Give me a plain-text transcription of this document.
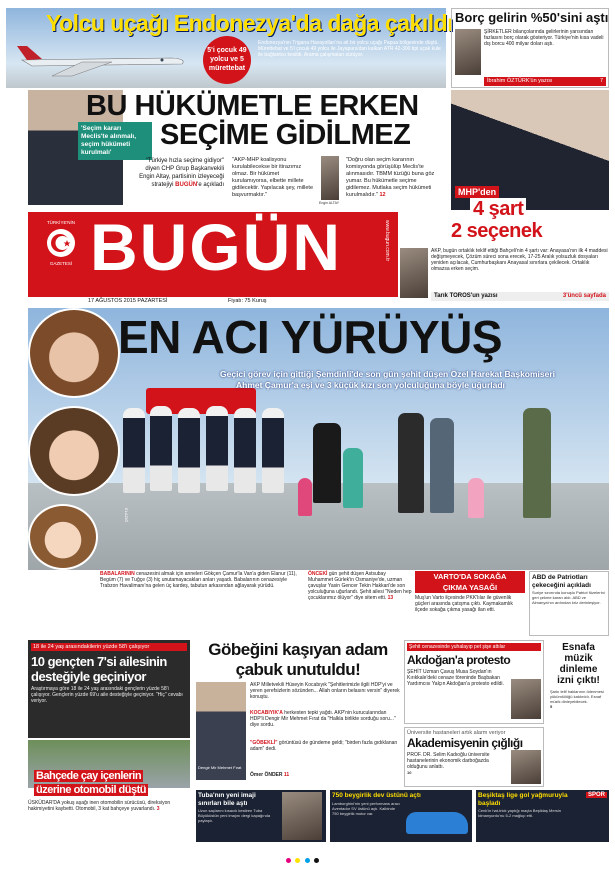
Yolcu uçağı Endonezya'da dağa çakıldı
5'i çocuk 49 yolcu ve 5 mürettebat
Endonezya'nın Trigana Havayolları'na ait bir yolcu uçağı Papua bölgesinde düştü. Mürettebat ve 5'i çocuk 49 yolcu ile Jayapura'dan kalkan ATR 42-300 tipi uçak kule ile bağlantısı kesildi. Arama çalışmaları sürüyor.
Borç gelirin %50'sini aştı
ŞİRKETLER bilançolarında gelirlerinin yarısından fazlasını borç olarak gösteriyor. Türkiye'nin kısa vadeli dış borcu 400 milyar doları aştı.
İbrahim ÖZTÜRK'ün yazısı	7
'Seçim kararı Meclis'te alınmalı, seçim hükümeti kurulmalı'
BU HÜKÜMETLE ERKEN
SEÇİME GİDİLMEZ
"Türkiye hızla seçime gidiyor" diyen CHP Grup Başkanvekili Engin Altay, partisinin izleyeceği stratejiyi BUGÜN'e açıkladı
"AKP-MHP koalisyonu kurulabilecekse bir itirazımız olmaz. Bir hükümet kurulamıyorsa, elbette millete gidilecektir. Yapılacak şey, millete başvurmaktır."
Engin ALTAY
"Doğru olan seçim kararının komisyonda görüşülüp Meclis'te alınmasıdır. TBMM tüzüğü buna göz yumar. Bu hükümetle seçime gidilemez. Mutlaka seçim hükümeti kurulmalıdır." 12	MHP'den
4 şart
2 seçenek
AKP, bugün ortaklık teklif ettiği Bahçeli'nin 4 şartı var: Anayasa'nın ilk 4 maddesi değişmeyecek, Çözüm süreci sona erecek, 17-25 Aralık yolsuzluk dosyaları yeniden açılacak, Cumhurbaşkanı Anayasal sınırlara çekilecek. Ortaklık olmazsa erken seçim.
Tarık TOROS'un yazısı	3'üncü sayfada
TÜRKİYE'NİN
GAZETESİ BUGÜN	www.bugun.com.tr
17 AĞUSTOS 2015 PAZARTESİ	Fiyatı: 75 Kuruş
ELAZIĞ
EN ACI YÜRÜYÜŞ
Geçici görev için gittiği Şemdinli'de son gün şehit düşen Özel Harekat Başkomiseri
Ahmet Çamur'a eşi ve 3 küçük kızı son yolculuğuna böyle uğurladı
BABALARININ cenazesini almak için anneleri Gökçen Çamur'la Van'a giden Elanur (11), Begüm (7) ve Tuğçe (3) hiç unutamayacakları anları yaşadı. Babalarının cenazesiyle Trabzon Havalimanı'na gelen üç kardeş, tabutun arkasından ağlayarak yürüdü.
ÖNCEKİ gün şehit düşen Astsubay Muhammet Gürlek'in Osmaniye'de, uzman çavuşlar Yasin Gencer Tekin Hakkari'de son yolculuğuna uğurlandı. Şehit ailesi "Neden hep çocuklarımız ölüyor" diye sitem etti. 13
VARTO'DA SOKAĞA
ÇIKMA YASAĞI
Muş'un Varto ilçesinde PKK'lılar ile güvenlik güçleri arasında çatışma çıktı. Kaymakamlık ilçede sokağa çıkma yasağı ilan etti.
ABD de Patriotları çekeceğini açıkladı
Suriye sınırında konuşlu Patriot füzelerini geri çekme kararı aldı. ABD ve Almanya'nın ardından kriz derinleşiyor.
18 ile 24 yaş arasındakilerin yüzde 58'i çalışıyor
10 gençten 7'si ailesinin
desteğiyle geçiniyor
Araştırmaya göre 18 ile 24 yaş arasındaki gençlerin yüzde 58'i çalışıyor. Gençlerin yüzde 69'u aile desteğiyle geçiniyor. "Hiç" cevabı veriyor.
Göbeğini kaşıyan adam
çabuk unutuldu!
Dengir Mir Mehmet Fırat
AKP Milletvekili Hüseyin Kocabıyık "Şehitlerimizle ilgili HDP'yi ve yeren şerefsizlerin sözünden... Allah onların belasını versin" diyerek konuştu.
KOCABIYIK'A herkesten tepki yağdı. AKP'nin kurucularından HDP'li Dengir Mir Mehmet Fırat da "Halkla birlikte sorduğu soru..." diye sordu.
"GÖBEKLİ" görüntüsü de gündeme geldi; "birden fazla gıdıklanan adam" dedi.
Ömer ÖNDER 11
Şehit cenazesinde yuhalayıp pet şişe attılar
Akdoğan'a protesto
ŞEHİT Uzman Çavuş Musa Soydan'ın Kırıkkale'deki cenaze töreninde Başbakan Yardımcısı Yalçın Akdoğan'a protesto edildi.
Esnafa müzik dinleme izni çıktı!
Şarkı telif haklarının ödenmesi yükümlülüğü kaldırıldı. Esnaf müzik dinleyebilecek.
5
Üniversite hastaneleri artık alarm veriyor
Akademisyenin çığlığı
PROF. DR. Selim Kadıoğlu üniversite hastanelerinin ekonomik darboğazda olduğunu anlattı.
10
Bahçede çay içenlerin
üzerine otomobil düştü
ÜSKÜDAR'DA yokuş aşağı inen otomobilin sürücüsü, direksiyon hakimiyetini kaybetti. Otomobil, 3 kat bahçeye yuvarlandı. 3
Tuba'nın yeni imaji sınırları bile aştı
Uzun saçlarını kısacık kestiren Tuba Büyüküstün yeni imajını dergi kapağında paylaştı.
750 beygirlik dev üstünü açtı
Lamborghini'nin yeni performans aracı Aventador SV üstünü açtı. Kalbinde 750 beygirlik motor var.
SPOR
Beşiktaş lige gol yağmuruyla başladı
Cenk'in hat-trick yaptığı maçta Beşiktaş Mersin İdmanyurdu'nu 5-2 mağlup etti.
